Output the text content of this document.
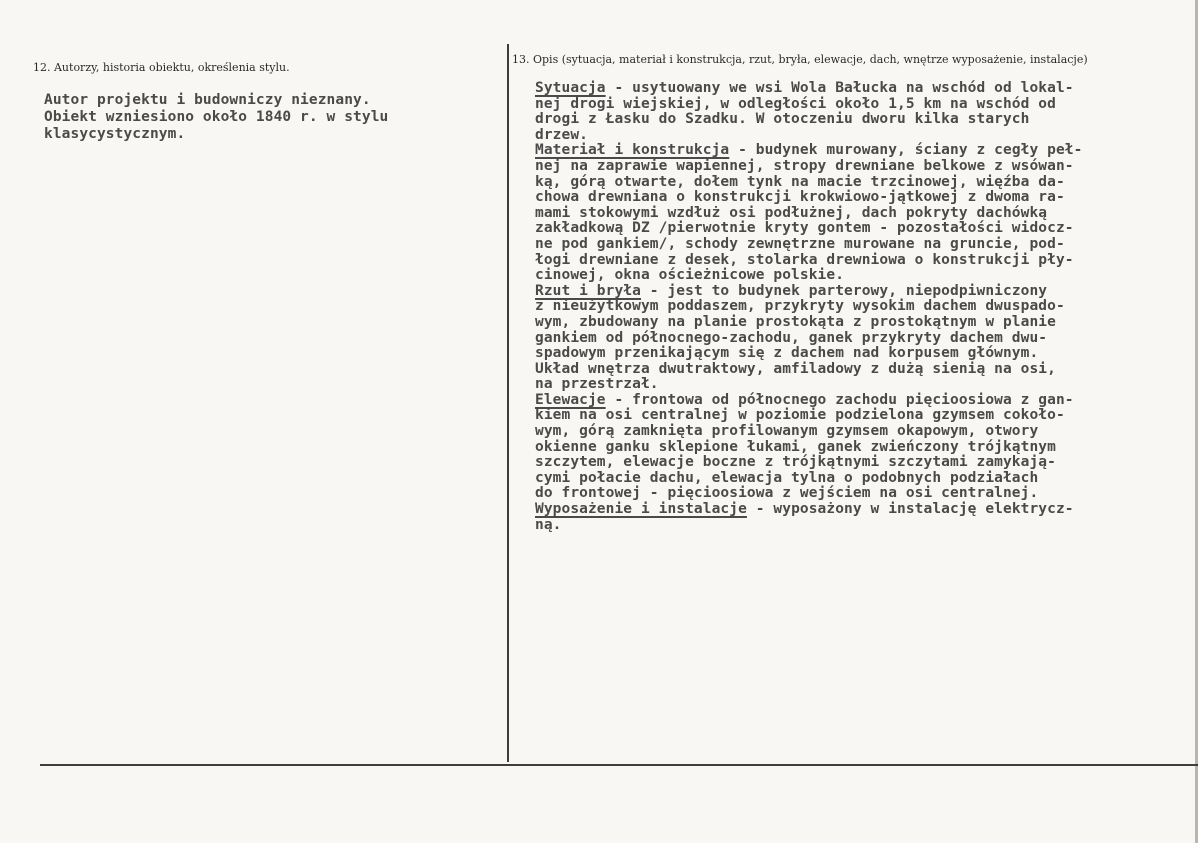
12. Autorzy, historia obiektu, określenia stylu.
13. Opis (sytuacja, materiał i konstrukcja, rzut, bryła, elewacje, dach, wnętrze wyposażenie, instalacje)
Autor projektu i budowniczy nieznany.
Obiekt wzniesiono około 1840 r. w stylu
klasycystycznym.
Sytuacja - usytuowany we wsi Wola Bałucka na wschód od lokal-
nej drogi wiejskiej, w odległości około 1,5 km na wschód od
drogi z Łasku do Szadku. W otoczeniu dworu kilka starych
drzew.
Materiał i konstrukcja - budynek murowany, ściany z cegły peł-
nej na zaprawie wapiennej, stropy drewniane belkowe z wsówan-
ką, górą otwarte, dołem tynk na macie trzcinowej, więźba da-
chowa drewniana o konstrukcji krokwiowo-jątkowej z dwoma ra-
mami stokowymi wzdłuż osi podłużnej, dach pokryty dachówką
zakładkową DZ /pierwotnie kryty gontem - pozostałości widocz-
ne pod gankiem/, schody zewnętrzne murowane na gruncie, pod-
łogi drewniane z desek, stolarka drewniowa o konstrukcji pły-
cinowej, okna ościeżnicowe polskie.
Rzut i bryła - jest to budynek parterowy, niepodpiwniczony
z nieużytkowym poddaszem, przykryty wysokim dachem dwuspado-
wym, zbudowany na planie prostokąta z prostokątnym w planie
gankiem od północnego-zachodu, ganek przykryty dachem dwu-
spadowym przenikającym się z dachem nad korpusem głównym.
Układ wnętrza dwutraktowy, amfiladowy z dużą sienią na osi,
na przestrzał.
Elewacje - frontowa od północnego zachodu pięcioosiowa z gan-
kiem na osi centralnej w poziomie podzielona gzymsem cokoło-
wym, górą zamknięta profilowanym gzymsem okapowym, otwory
okienne ganku sklepione łukami, ganek zwieńczony trójkątnym
szczytem, elewacje boczne z trójkątnymi szczytami zamykają-
cymi połacie dachu, elewacja tylna o podobnych podziałach
do frontowej - pięcioosiowa z wejściem na osi centralnej.
Wyposażenie i instalacje - wyposażony w instalację elektrycz-
ną.
